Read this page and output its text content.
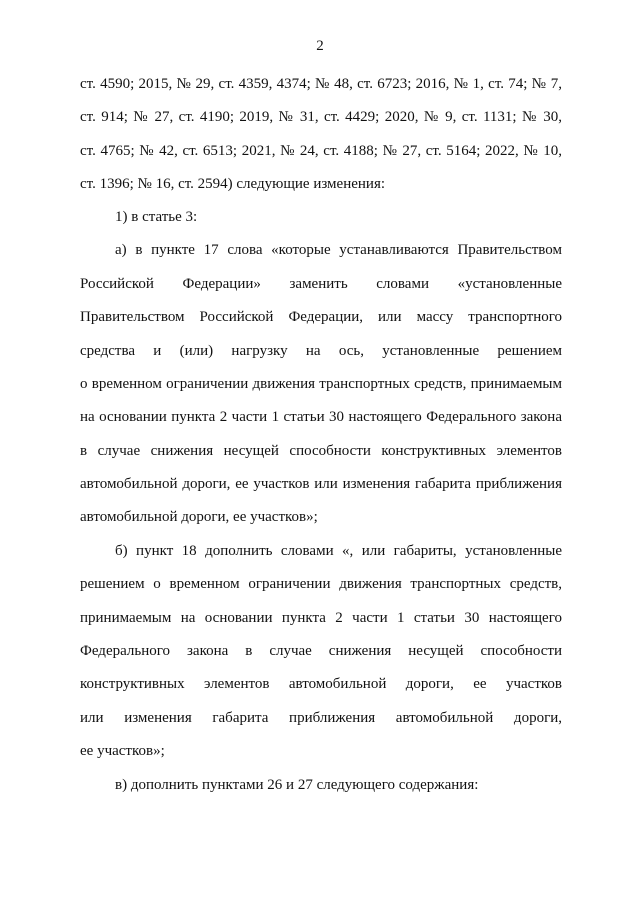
2
ст. 4590; 2015, № 29, ст. 4359, 4374; № 48, ст. 6723; 2016, № 1, ст. 74; № 7,
ст. 914; № 27, ст. 4190; 2019, № 31, ст. 4429; 2020, № 9, ст. 1131; № 30,
ст. 4765; № 42, ст. 6513; 2021, № 24, ст. 4188; № 27, ст. 5164; 2022, № 10,
ст. 1396; № 16, ст. 2594) следующие изменения:
1) в статье 3:
а) в пункте 17 слова «которые устанавливаются Правительством
Российской Федерации» заменить словами «установленные
Правительством Российской Федерации, или массу транспортного
средства и (или) нагрузку на ось, установленные решением
о временном ограничении движения транспортных средств, принимаемым
на основании пункта 2 части 1 статьи 30 настоящего Федерального закона
в случае снижения несущей способности конструктивных элементов
автомобильной дороги, ее участков или изменения габарита приближения
автомобильной дороги, ее участков»;
б) пункт 18 дополнить словами «, или габариты, установленные
решением о временном ограничении движения транспортных средств,
принимаемым на основании пункта 2 части 1 статьи 30 настоящего
Федерального закона в случае снижения несущей способности
конструктивных элементов автомобильной дороги, ее участков
или изменения габарита приближения автомобильной дороги,
ее участков»;
в) дополнить пунктами 26 и 27 следующего содержания:
